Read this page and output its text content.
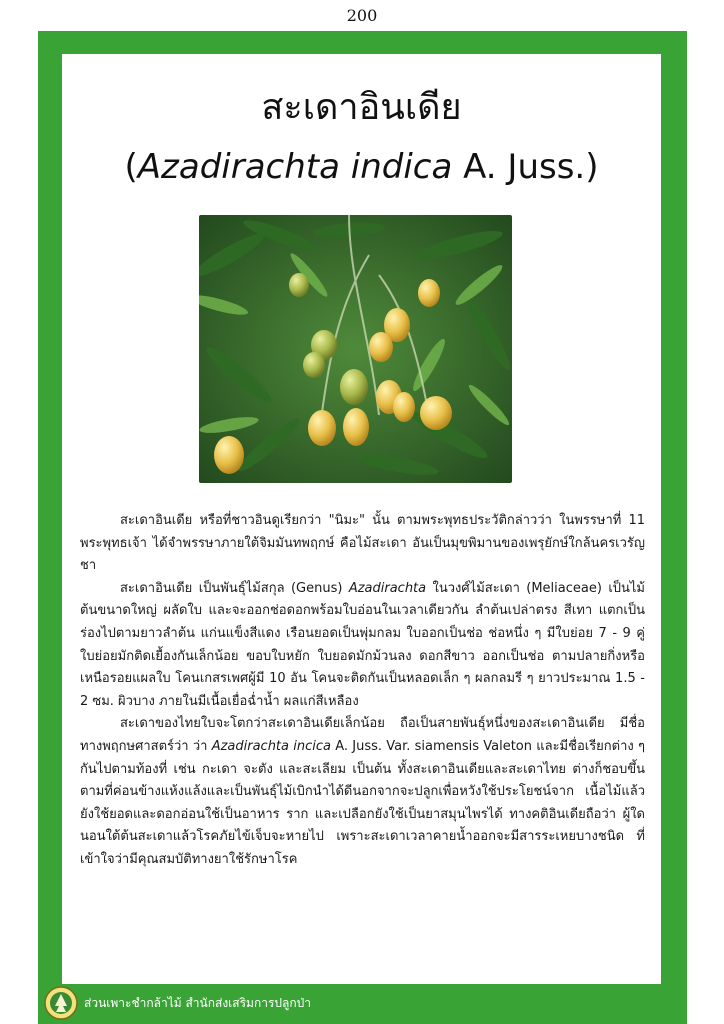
200
สะเดาอินเดีย
(Azadirachta indica A. Juss.)

สะเดาอินเดีย หรือที่ชาวอินดูเรียกว่า "นิมะ" นั้น ตามพระพุทธประวัติกล่าวว่า ในพรรษาที่ 11 พระพุทธเจ้า ได้จำพรรษาภายใต้จิมมันทพฤกษ์ คือไม้สะเดา อันเป็นมุขพิมานของเพรุยักษ์ใกล้นครเวรัญชา

สะเดาอินเดีย เป็นพันธุ์ไม้สกุล (Genus) Azadirachta ในวงศ์ไม้สะเดา (Meliaceae) เป็นไม้ต้นขนาดใหญ่ ผลัดใบ และจะออกช่อดอกพร้อมใบอ่อนในเวลาเดียวกัน ลำต้นเปล่าตรง สีเทา แตกเป็นร่องไปตามยาวลำต้น แก่นแข็งสีแดง เรือนยอดเป็นพุ่มกลม ใบออกเป็นช่อ ช่อหนึ่ง ๆ มีใบย่อย 7 - 9 คู่ ใบย่อยมักติดเยื้องกันเล็กน้อย ขอบใบหยัก ใบยอดมักม้วนลง ดอกสีขาว ออกเป็นช่อ ตามปลายกิ่งหรือเหนือรอยแผลใบ โคนเกสรเพศผู้มี 10 อัน โคนจะติดกันเป็นหลอดเล็ก ๆ ผลกลมรี ๆ ยาวประมาณ 1.5 - 2 ซม. ผิวบาง ภายในมีเนื้อเยื่อฉ่ำน้ำ ผลแก่สีเหลือง

สะเดาของไทยใบจะโตกว่าสะเดาอินเดียเล็กน้อย ถือเป็นสายพันธุ์หนึ่งของสะเดาอินเดีย มีชื่อทางพฤกษศาสตร์ว่า ว่า Azadirachta incica A. Juss. Var. siamensis Valeton และมีชื่อเรียกต่าง ๆ กันไปตามท้องที่ เช่น กะเดา จะตัง และสะเลียม เป็นต้น ทั้งสะเดาอินเดียและสะเดาไทย ต่างก็ชอบขึ้นตามที่ค่อนข้างแห้งแล้งและเป็นพันธุ์ไม้เบิกนำได้ดีนอกจากจะปลูกเพื่อหวังใช้ประโยชน์จาก เนื้อไม้แล้ว ยังใช้ยอดและดอกอ่อนใช้เป็นอาหาร ราก และเปลือกยังใช้เป็นยาสมุนไพรได้ ทางคติอินเดียถือว่า ผู้ใดนอนใต้ต้นสะเดาแล้วโรคภัยไข้เจ็บจะหายไป เพราะสะเดาเวลาคายน้ำออกจะมีสารระเหยบางชนิด ที่เข้าใจว่ามีคุณสมบัติทางยาใช้รักษาโรค

ส่วนเพาะชำกล้าไม้ สำนักส่งเสริมการปลูกป่า
